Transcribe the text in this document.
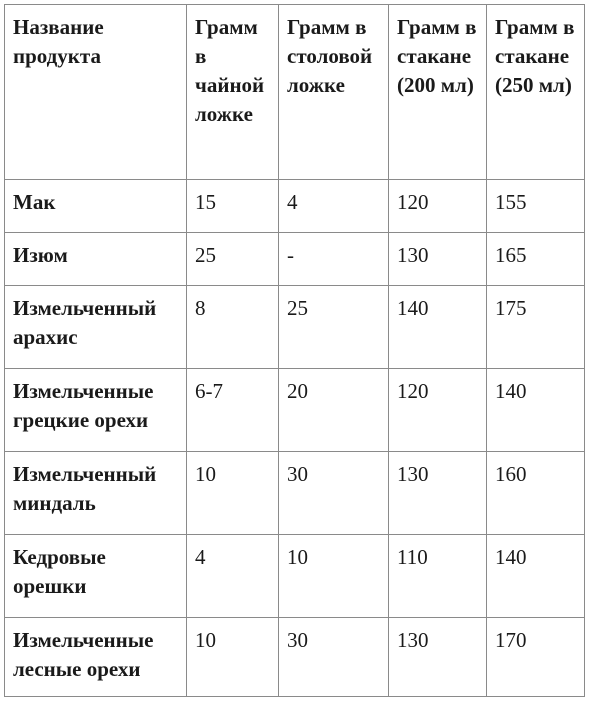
Название продукта	Грамм в чайной ложке	Грамм в столовой ложке	Грамм в стакане (200 мл)	Грамм в стакане (250 мл)
Мак	15	4	120	155
Изюм	25	-	130	165
Измельченный арахис	8	25	140	175
Измельченные грецкие орехи	6-7	20	120	140
Измельченный миндаль	10	30	130	160
Кедровые орешки	4	10	110	140
Измельченные лесные орехи	10	30	130	170
